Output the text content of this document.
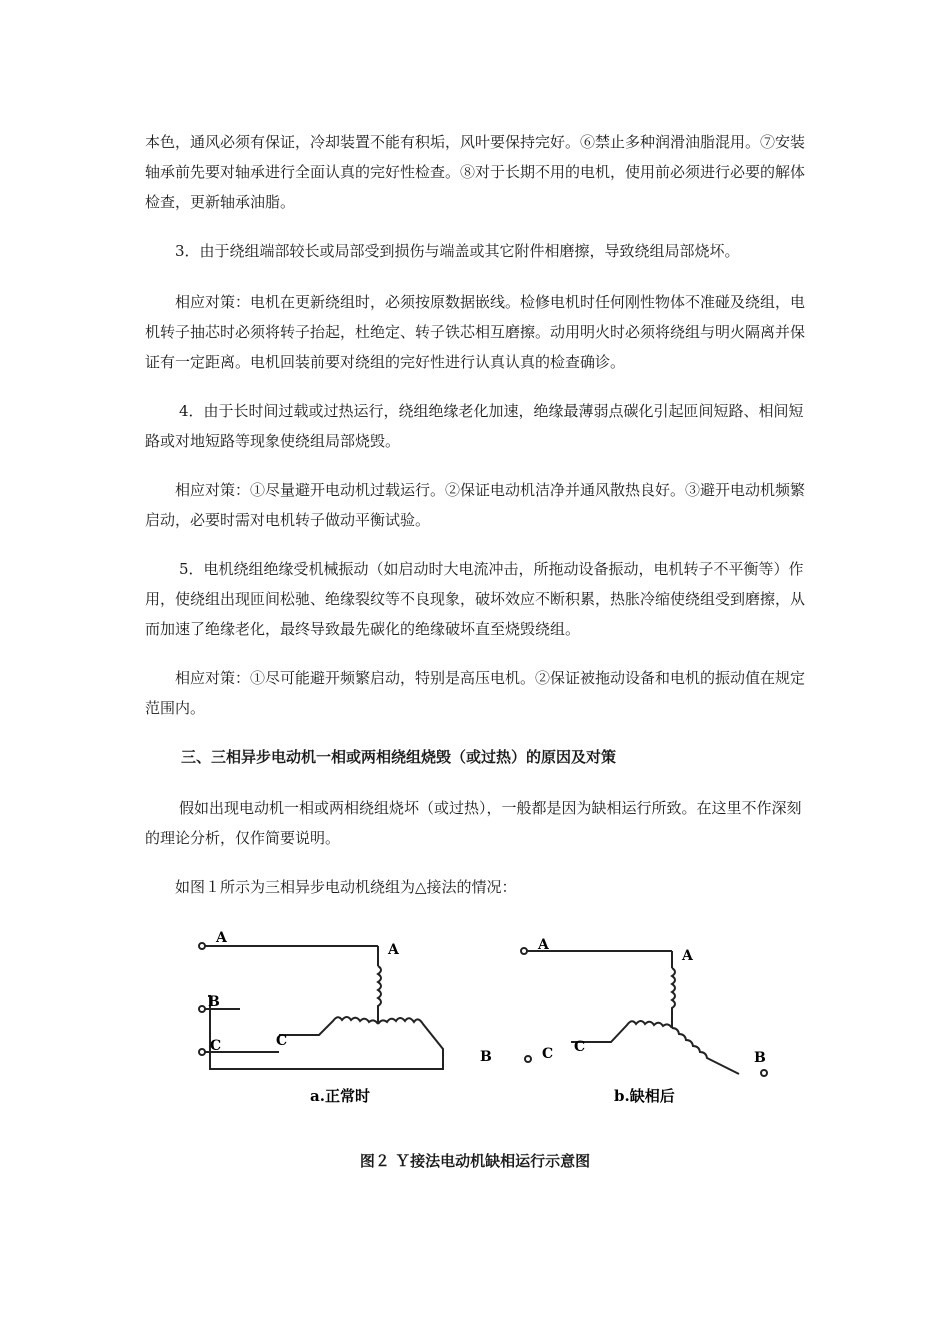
本色，通风必须有保证，冷却装置不能有积垢，风叶要保持完好。⑥禁止多种润滑油脂混用。⑦安装轴承前先要对轴承进行全面认真的完好性检查。⑧对于长期不用的电机，使用前必须进行必要的解体检查，更新轴承油脂。

3．由于绕组端部较长或局部受到损伤与端盖或其它附件相磨擦，导致绕组局部烧坏。

相应对策：电机在更新绕组时，必须按原数据嵌线。检修电机时任何刚性物体不准碰及绕组，电机转子抽芯时必须将转子抬起，杜绝定、转子铁芯相互磨擦。动用明火时必须将绕组与明火隔离并保证有一定距离。电机回装前要对绕组的完好性进行认真认真的检查确诊。

4．由于长时间过载或过热运行，绕组绝缘老化加速，绝缘最薄弱点碳化引起匝间短路、相间短路或对地短路等现象使绕组局部烧毁。

相应对策：①尽量避开电动机过载运行。②保证电动机洁净并通风散热良好。③避开电动机频繁启动，必要时需对电机转子做动平衡试验。

5．电机绕组绝缘受机械振动（如启动时大电流冲击，所拖动设备振动，电机转子不平衡等）作用，使绕组出现匝间松驰、绝缘裂纹等不良现象，破坏效应不断积累，热胀冷缩使绕组受到磨擦，从而加速了绝缘老化，最终导致最先碳化的绝缘破坏直至烧毁绕组。

相应对策：①尽可能避开频繁启动，特别是高压电机。②保证被拖动设备和电机的振动值在规定范围内。

三、三相异步电动机一相或两相绕组烧毁（或过热）的原因及对策

假如出现电动机一相或两相绕组烧坏（或过热），一般都是因为缺相运行所致。在这里不作深刻的理论分析，仅作简要说明。

如图１所示为三相异步电动机绕组为△接法的情况：

A
A
B
C	C
B
a.正常时
A
A
C C
B
b.缺相后
图２ Ｙ接法电动机缺相运行示意图
